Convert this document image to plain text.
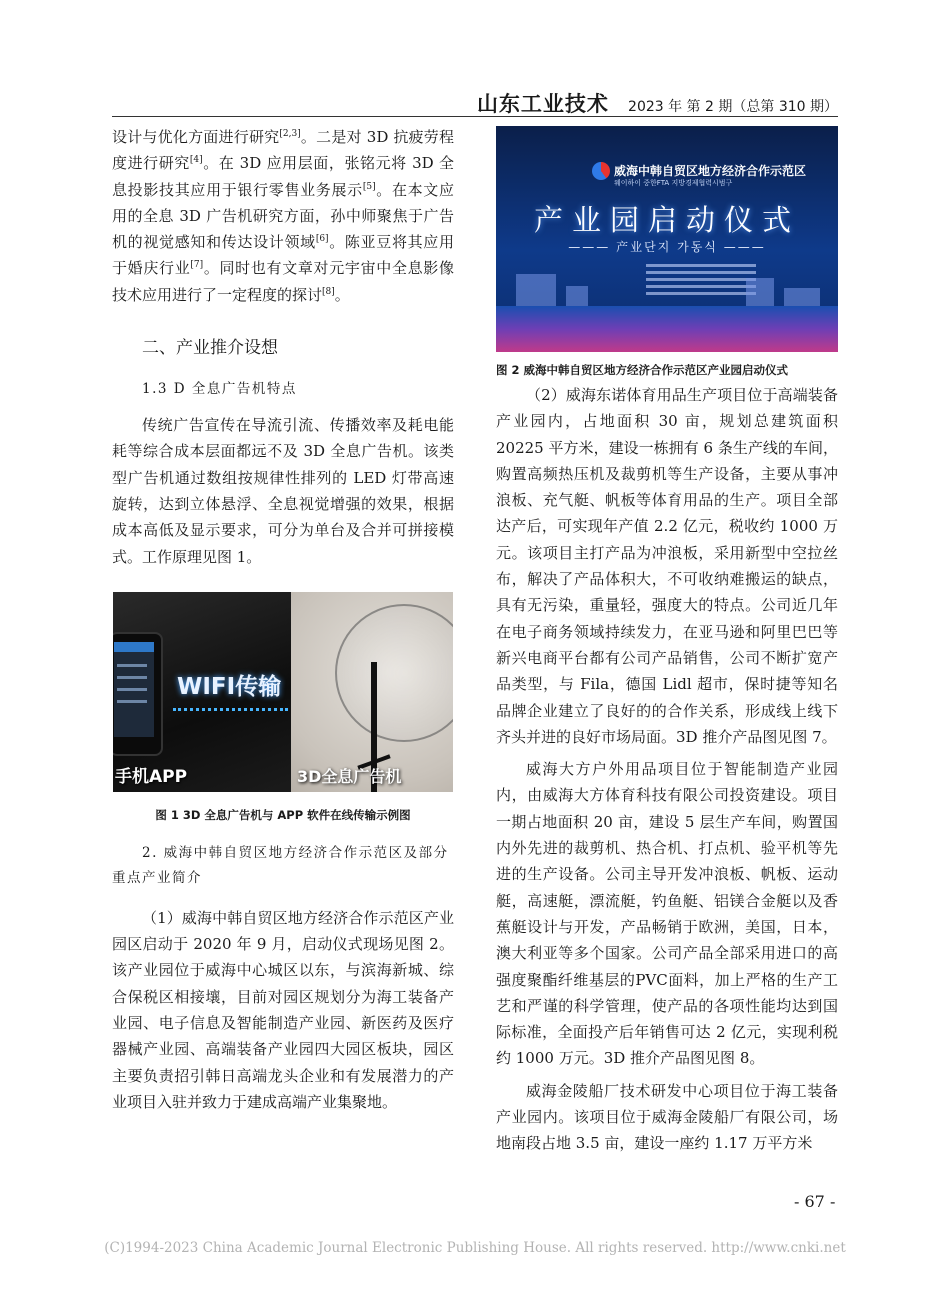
山东工业技术 2023 年 第 2 期（总第 310 期）

设计与优化方面进行研究[2,3]。二是对 3D 抗疲劳程度进行研究[4]。在 3D 应用层面，张铭元将 3D 全息投影技其应用于银行零售业务展示[5]。在本文应用的全息 3D 广告机研究方面，孙中师聚焦于广告机的视觉感知和传达设计领域[6]。陈亚豆将其应用于婚庆行业[7]。同时也有文章对元宇宙中全息影像技术应用进行了一定程度的探讨[8]。

二、产业推介设想

1.3 D 全息广告机特点

传统广告宣传在导流引流、传播效率及耗电能耗等综合成本层面都远不及 3D 全息广告机。该类型广告机通过数组按规律性排列的 LED 灯带高速旋转，达到立体悬浮、全息视觉增强的效果，根据成本高低及显示要求，可分为单台及合并可拼接模式。工作原理见图 1。

WIFI传输
手机APP	3D全息广告机
图 1 3D 全息广告机与 APP 软件在线传输示例图

2. 威海中韩自贸区地方经济合作示范区及部分重点产业简介

（1）威海中韩自贸区地方经济合作示范区产业园区启动于 2020 年 9 月，启动仪式现场见图 2。该产业园位于威海中心城区以东，与滨海新城、综合保税区相接壤，目前对园区规划分为海工装备产业园、电子信息及智能制造产业园、新医药及医疗器械产业园、高端装备产业园四大园区板块，园区主要负责招引韩日高端龙头企业和有发展潜力的产业项目入驻并致力于建成高端产业集聚地。

威海中韩自贸区地方经济合作示范区
웨이하이 중한FTA 지방경제협력시범구
产业园启动仪式
——— 产业단지 가동식 ———
图 2 威海中韩自贸区地方经济合作示范区产业园启动仪式

（2）威海东诺体育用品生产项目位于高端装备产业园内，占地面积 30 亩，规划总建筑面积 20225 平方米，建设一栋拥有 6 条生产线的车间，购置高频热压机及裁剪机等生产设备，主要从事冲浪板、充气艇、帆板等体育用品的生产。项目全部达产后，可实现年产值 2.2 亿元，税收约 1000 万元。该项目主打产品为冲浪板，采用新型中空拉丝布，解决了产品体积大，不可收纳难搬运的缺点，具有无污染，重量轻，强度大的特点。公司近几年在电子商务领域持续发力，在亚马逊和阿里巴巴等新兴电商平台都有公司产品销售，公司不断扩宽产品类型，与 Fila，德国 Lidl 超市，保时捷等知名品牌企业建立了良好的的合作关系，形成线上线下齐头并进的良好市场局面。3D 推介产品图见图 7。

威海大方户外用品项目位于智能制造产业园内，由威海大方体育科技有限公司投资建设。项目一期占地面积 20 亩，建设 5 层生产车间，购置国内外先进的裁剪机、热合机、打点机、验平机等先进的生产设备。公司主导开发冲浪板、帆板、运动艇，高速艇，漂流艇，钓鱼艇、铝镁合金艇以及香蕉艇设计与开发，产品畅销于欧洲，美国，日本，澳大利亚等多个国家。公司产品全部采用进口的高强度聚酯纤维基层的PVC面料，加上严格的生产工艺和严谨的科学管理，使产品的各项性能均达到国际标准，全面投产后年销售可达 2 亿元，实现利税约 1000 万元。3D 推介产品图见图 8。

威海金陵船厂技术研发中心项目位于海工装备产业园内。该项目位于威海金陵船厂有限公司，场地南段占地 3.5 亩，建设一座约 1.17 万平方米

- 67 -
(C)1994-2023 China Academic Journal Electronic Publishing House. All rights reserved. http://www.cnki.net
